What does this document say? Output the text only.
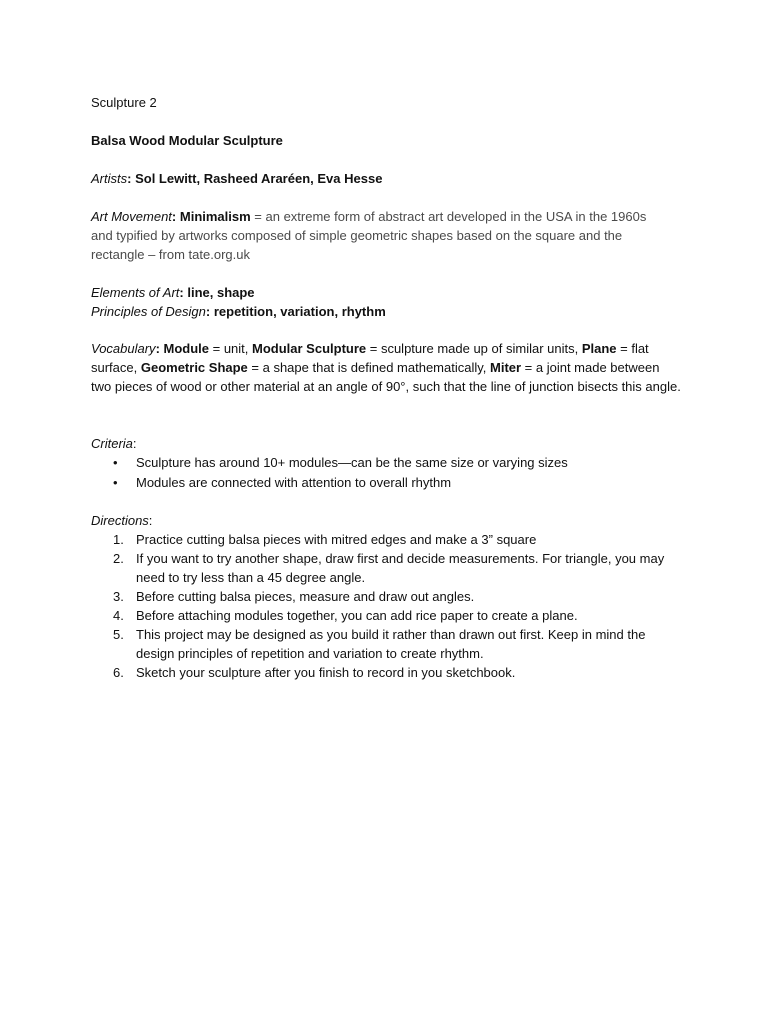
Sculpture 2
Balsa Wood Modular Sculpture
Artists: Sol Lewitt, Rasheed Araréen, Eva Hesse
Art Movement: Minimalism = an extreme form of abstract art developed in the USA in the 1960s and typified by artworks composed of simple geometric shapes based on the square and the rectangle – from tate.org.uk
Elements of Art: line, shape
Principles of Design: repetition, variation, rhythm
Vocabulary: Module = unit, Modular Sculpture = sculpture made up of similar units, Plane = flat surface, Geometric Shape = a shape that is defined mathematically, Miter = a joint made between two pieces of wood or other material at an angle of 90°, such that the line of junction bisects this angle.
Criteria:
• Sculpture has around 10+ modules—can be the same size or varying sizes
• Modules are connected with attention to overall rhythm
Directions:
1. Practice cutting balsa pieces with mitred edges and make a 3” square
2. If you want to try another shape, draw first and decide measurements. For triangle, you may need to try less than a 45 degree angle.
3. Before cutting balsa pieces, measure and draw out angles.
4. Before attaching modules together, you can add rice paper to create a plane.
5. This project may be designed as you build it rather than drawn out first. Keep in mind the design principles of repetition and variation to create rhythm.
6. Sketch your sculpture after you finish to record in you sketchbook.
